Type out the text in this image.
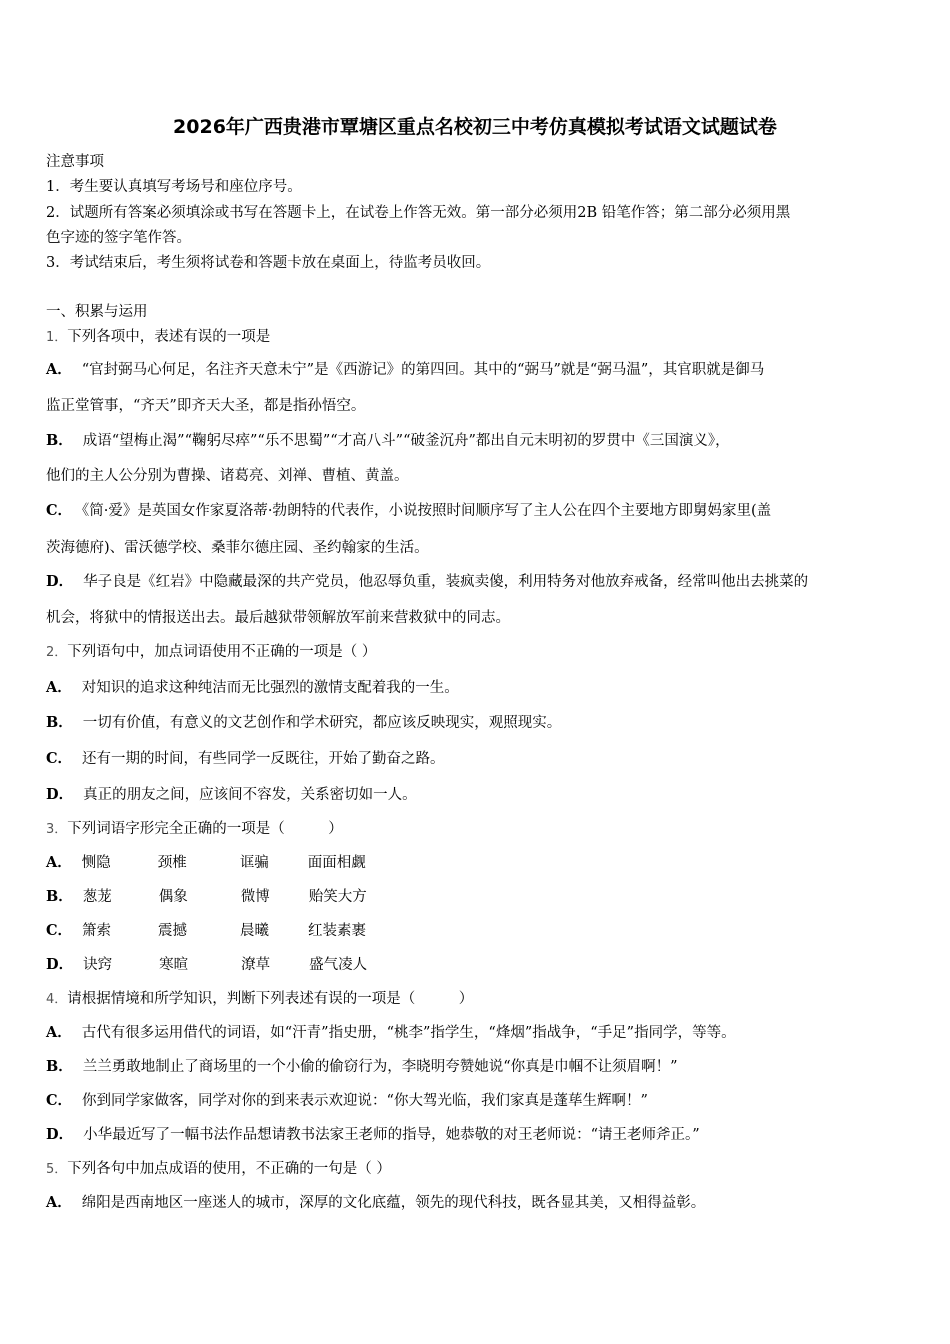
2026年广西贵港市覃塘区重点名校初三中考仿真模拟考试语文试题试卷
注意事项
1．考生要认真填写考场号和座位序号。
2．试题所有答案必须填涂或书写在答题卡上，在试卷上作答无效。第一部分必须用2B 铅笔作答；第二部分必须用黑
色字迹的签字笔作答。
3．考试结束后，考生须将试卷和答题卡放在桌面上，待监考员收回。
一、积累与运用
1．下列各项中，表述有误的一项是
A． “官封弼马心何足，名注齐天意未宁”是《西游记》的第四回。其中的“弼马”就是“弼马温”，其官职就是御马
监正堂管事，“齐天”即齐天大圣，都是指孙悟空。
B． 成语“望梅止渴”“鞠躬尽瘁”“乐不思蜀”“才高八斗”“破釜沉舟”都出自元末明初的罗贯中《三国演义》，
他们的主人公分别为曹操、诸葛亮、刘禅、曹植、黄盖。
C． 《简·爱》是英国女作家夏洛蒂·勃朗特的代表作，小说按照时间顺序写了主人公在四个主要地方即舅妈家里(盖
茨海德府)、雷沃德学校、桑菲尔德庄园、圣约翰家的生活。
D． 华子良是《红岩》中隐藏最深的共产党员，他忍辱负重，装疯卖傻，利用特务对他放弃戒备，经常叫他出去挑菜的
机会，将狱中的情报送出去。最后越狱带领解放军前来营救狱中的同志。
2．下列语句中，加点词语使用不正确的一项是（ ）
A． 对知识的追求这种纯洁而无比强烈的激情支配着我的一生。
B． 一切有价值，有意义的文艺创作和学术研究，都应该反映现实，观照现实。
C． 还有一期的时间，有些同学一反既往，开始了勤奋之路。
D． 真正的朋友之间，应该间不容发，关系密切如一人。
3．下列词语字形完全正确的一项是（　　　）
A． 恻隐	颈椎	诓骗	面面相觑
B． 葱茏	偶象	微博	贻笑大方
C． 箫索	震撼	晨曦	红装素裹
D． 诀窍	寒暄	潦草	盛气凌人
4．请根据情境和所学知识，判断下列表述有误的一项是（　　　）
A． 古代有很多运用借代的词语，如“汗青”指史册，“桃李”指学生，“烽烟”指战争，“手足”指同学，等等。
B． 兰兰勇敢地制止了商场里的一个小偷的偷窃行为，李晓明夸赞她说“你真是巾帼不让须眉啊！”
C． 你到同学家做客，同学对你的到来表示欢迎说：“你大驾光临，我们家真是蓬荜生辉啊！”
D． 小华最近写了一幅书法作品想请教书法家王老师的指导，她恭敬的对王老师说：“请王老师斧正。”
5．下列各句中加点成语的使用，不正确的一句是（ ）
A． 绵阳是西南地区一座迷人的城市，深厚的文化底蕴，领先的现代科技，既各显其美，又相得益彰。
